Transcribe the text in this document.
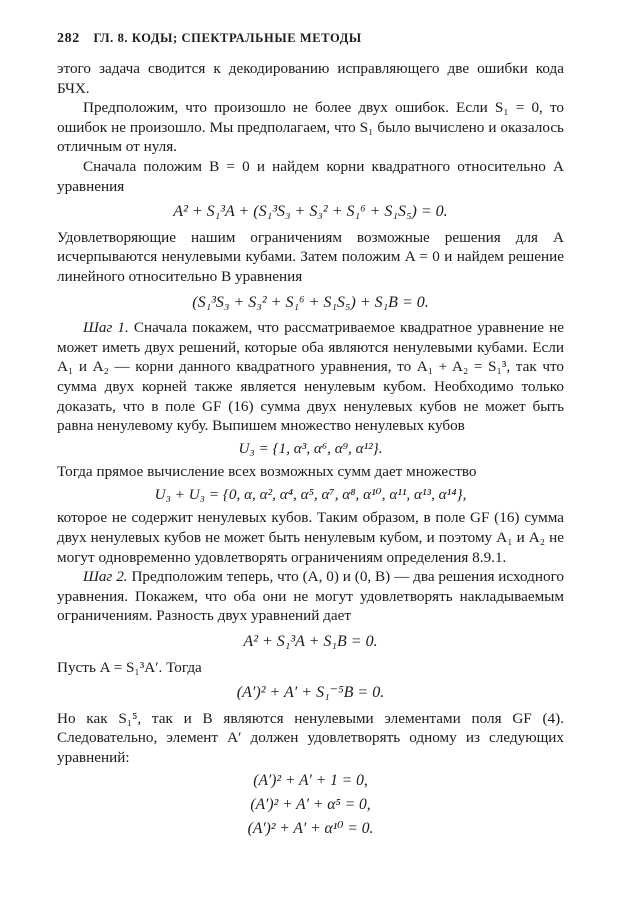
282 ГЛ. 8. КОДЫ; СПЕКТРАЛЬНЫЕ МЕТОДЫ

этого задача сводится к декодированию исправляющего две ошибки кода БЧХ.

Предположим, что произошло не более двух ошибок. Если S₁ = 0, то ошибок не произошло. Мы предполагаем, что S₁ было вычислено и оказалось отличным от нуля.

Сначала положим B = 0 и найдем корни квадратного относительно A уравнения

A² + S₁³A + (S₁³S₃ + S₃² + S₁⁶ + S₁S₅) = 0.

Удовлетворяющие нашим ограничениям возможные решения для A исчерпываются ненулевыми кубами. Затем положим A = 0 и найдем решение линейного относительно B уравнения

(S₁³S₃ + S₃² + S₁⁶ + S₁S₅) + S₁B = 0.

Шаг 1. Сначала покажем, что рассматриваемое квадратное уравнение не может иметь двух решений, которые оба являются ненулевыми кубами. Если A₁ и A₂ — корни данного квадратного уравнения, то A₁ + A₂ = S₁³, так что сумма двух корней также является ненулевым кубом. Необходимо только доказать, что в поле GF (16) сумма двух ненулевых кубов не может быть равна ненулевому кубу. Выпишем множество ненулевых кубов

U₃ = {1, α³, α⁶, α⁹, α¹²}.

Тогда прямое вычисление всех возможных сумм дает множество

U₃ + U₃ = {0, α, α², α⁴, α⁵, α⁷, α⁸, α¹⁰, α¹¹, α¹³, α¹⁴},

которое не содержит ненулевых кубов. Таким образом, в поле GF (16) сумма двух ненулевых кубов не может быть ненулевым кубом, и поэтому A₁ и A₂ не могут одновременно удовлетворять ограничениям определения 8.9.1.

Шаг 2. Предположим теперь, что (A, 0) и (0, B) — два решения исходного уравнения. Покажем, что оба они не могут удовлетворять накладываемым ограничениям. Разность двух уравнений дает

A² + S₁³A + S₁B = 0.

Пусть A = S₁³A′. Тогда

(A′)² + A′ + S₁⁻⁵B = 0.

Но как S₁⁵, так и B являются ненулевыми элементами поля GF (4). Следовательно, элемент A′ должен удовлетворять одному из следующих уравнений:

(A′)² + A′ + 1 = 0,
(A′)² + A′ + α⁵ = 0,
(A′)² + A′ + α¹⁰ = 0.
